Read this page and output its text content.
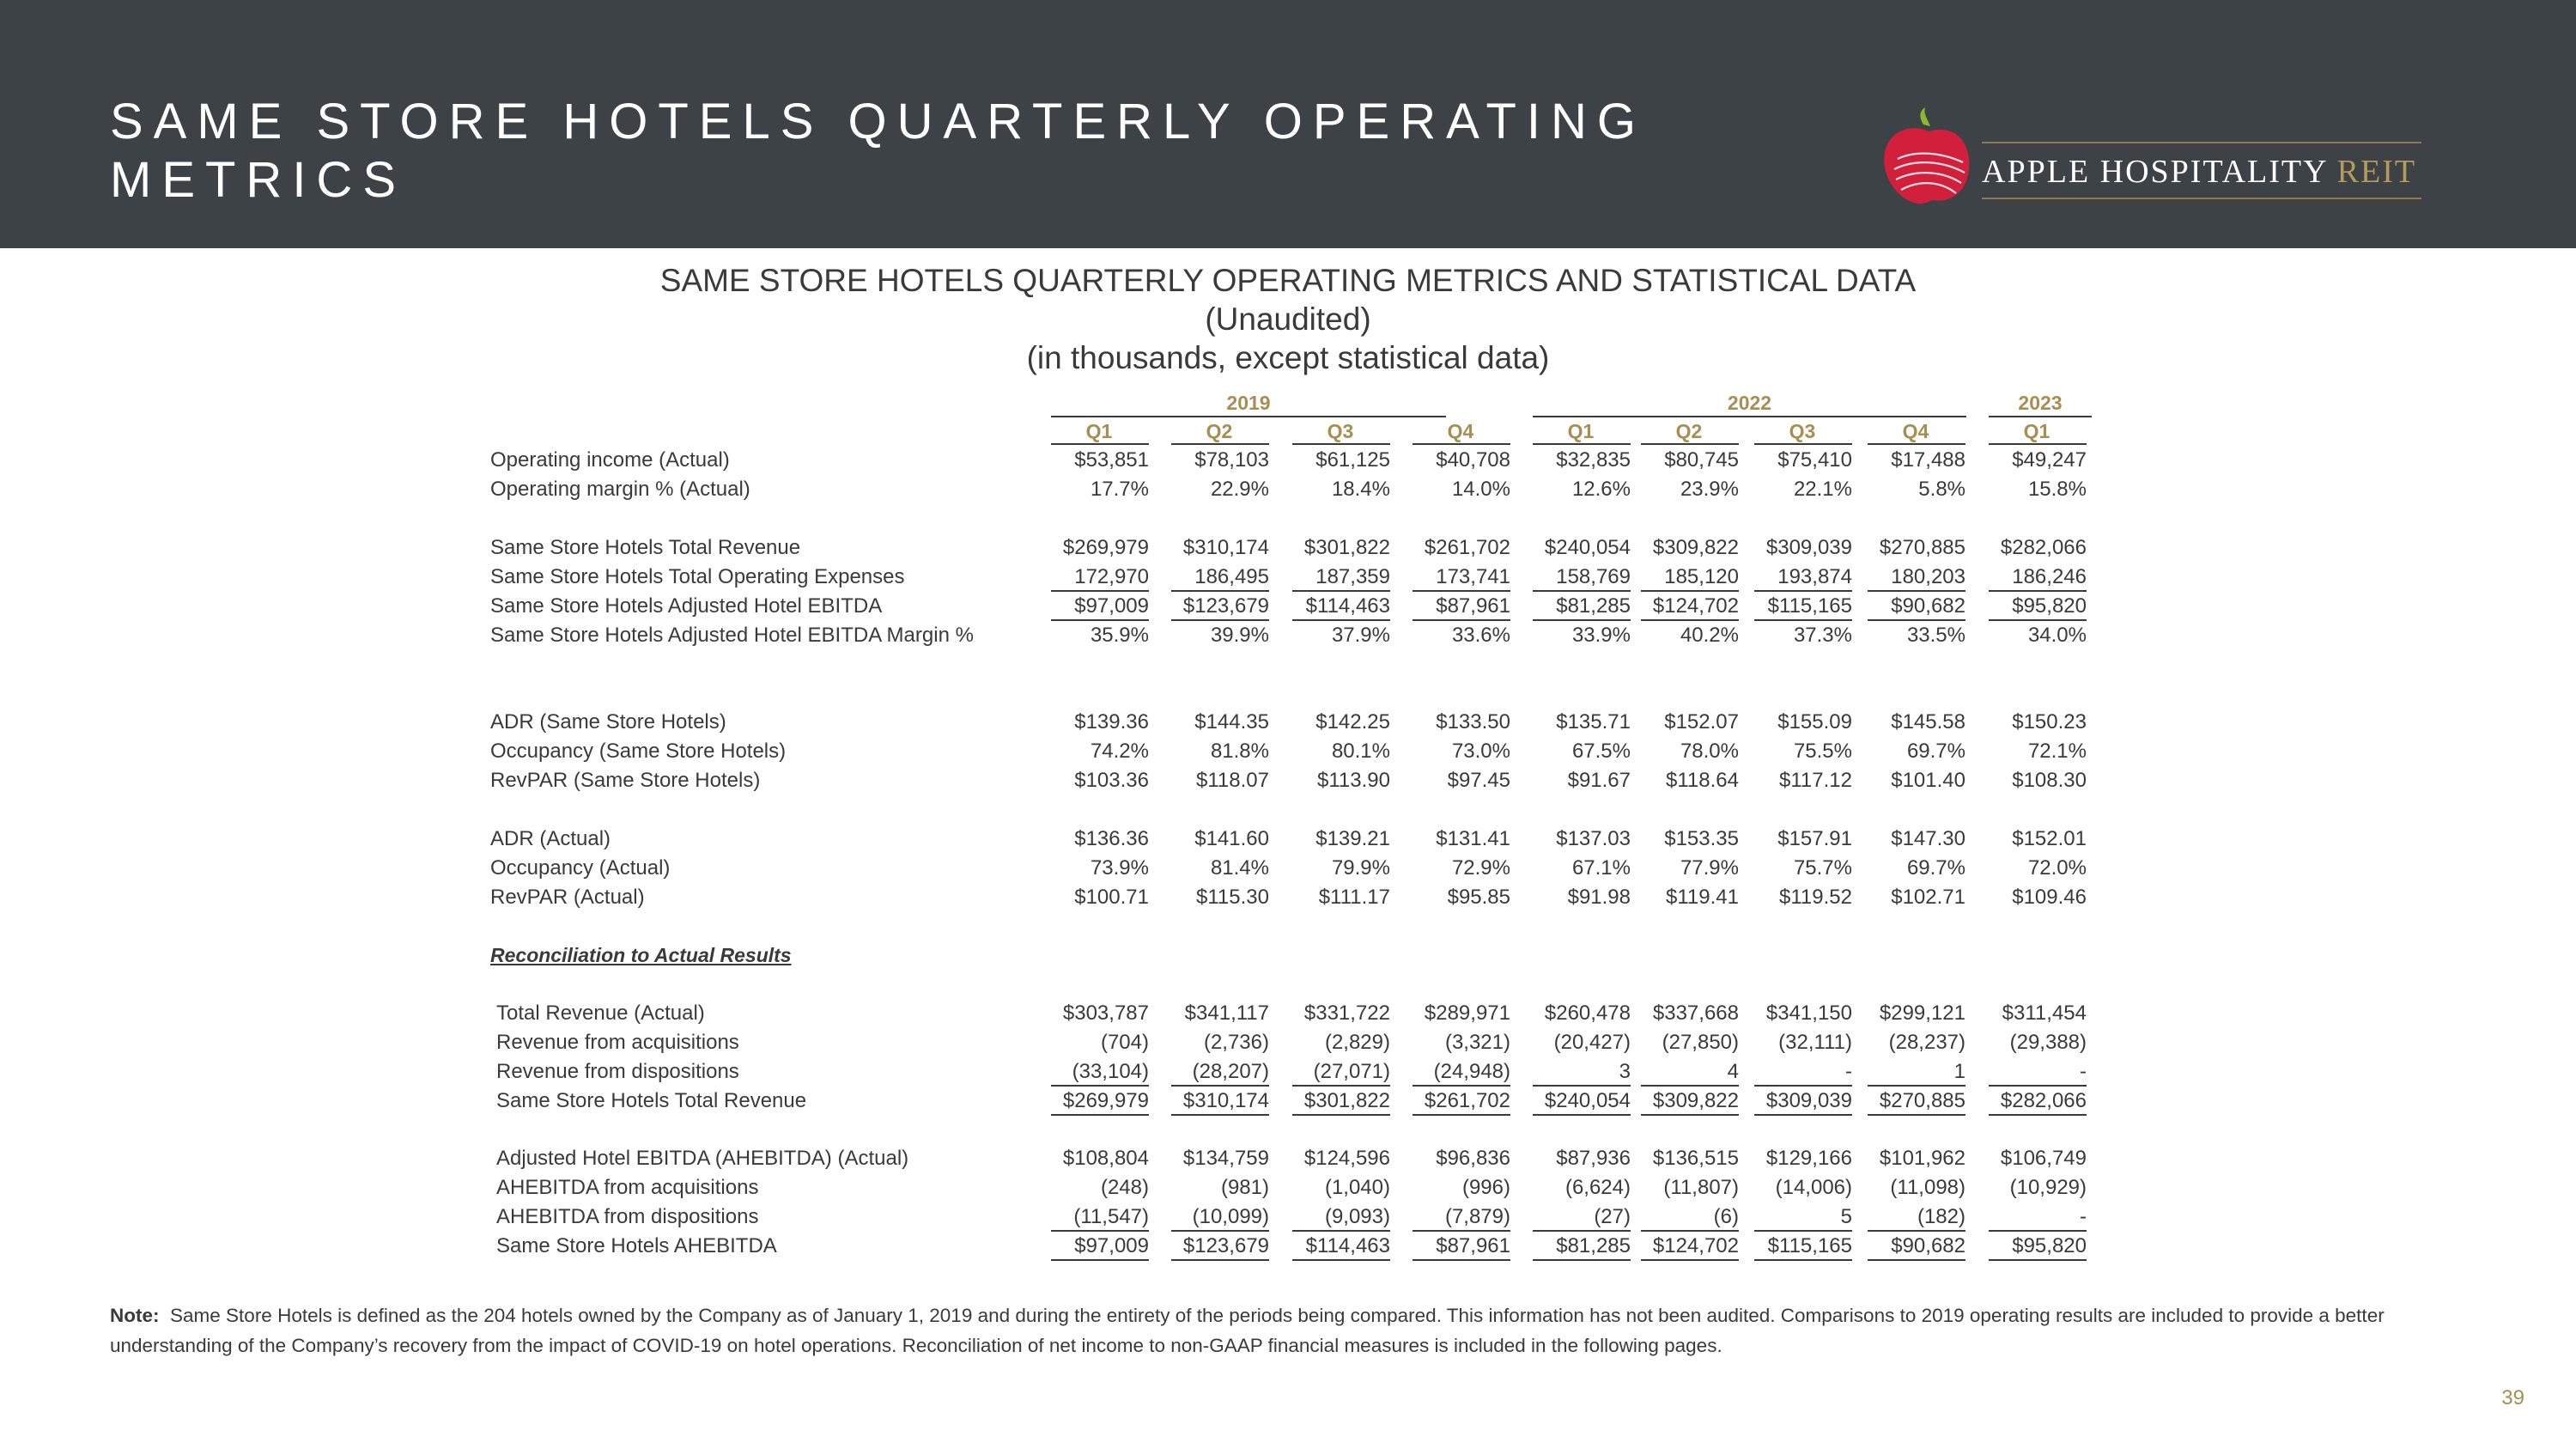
SAME STORE HOTELS QUARTERLY OPERATING METRICS	APPLE HOSPITALITY REIT
SAME STORE HOTELS QUARTERLY OPERATING METRICS AND STATISTICAL DATA
(Unaudited)
(in thousands, except statistical data)
2019	2022	2023
Q1	Q2	Q3	Q4	Q1	Q2	Q3	Q4	Q1
Operating income (Actual)	$53,851	$78,103	$61,125	$40,708	$32,835	$80,745	$75,410	$17,488	$49,247
Operating margin % (Actual)	17.7%	22.9%	18.4%	14.0%	12.6%	23.9%	22.1%	5.8%	15.8%
Same Store Hotels Total Revenue	$269,979	$310,174	$301,822	$261,702	$240,054	$309,822	$309,039	$270,885	$282,066
Same Store Hotels Total Operating Expenses	172,970	186,495	187,359	173,741	158,769	185,120	193,874	180,203	186,246
Same Store Hotels Adjusted Hotel EBITDA	$97,009	$123,679	$114,463	$87,961	$81,285	$124,702	$115,165	$90,682	$95,820
Same Store Hotels Adjusted Hotel EBITDA Margin %	35.9%	39.9%	37.9%	33.6%	33.9%	40.2%	37.3%	33.5%	34.0%
ADR (Same Store Hotels)	$139.36	$144.35	$142.25	$133.50	$135.71	$152.07	$155.09	$145.58	$150.23
Occupancy (Same Store Hotels)	74.2%	81.8%	80.1%	73.0%	67.5%	78.0%	75.5%	69.7%	72.1%
RevPAR (Same Store Hotels)	$103.36	$118.07	$113.90	$97.45	$91.67	$118.64	$117.12	$101.40	$108.30
ADR (Actual)	$136.36	$141.60	$139.21	$131.41	$137.03	$153.35	$157.91	$147.30	$152.01
Occupancy (Actual)	73.9%	81.4%	79.9%	72.9%	67.1%	77.9%	75.7%	69.7%	72.0%
RevPAR (Actual)	$100.71	$115.30	$111.17	$95.85	$91.98	$119.41	$119.52	$102.71	$109.46
Reconciliation to Actual Results
Total Revenue (Actual)	$303,787	$341,117	$331,722	$289,971	$260,478	$337,668	$341,150	$299,121	$311,454
Revenue from acquisitions	(704)	(2,736)	(2,829)	(3,321)	(20,427)	(27,850)	(32,111)	(28,237)	(29,388)
Revenue from dispositions	(33,104)	(28,207)	(27,071)	(24,948)	3	4	-	1	-
Same Store Hotels Total Revenue	$269,979	$310,174	$301,822	$261,702	$240,054	$309,822	$309,039	$270,885	$282,066
Adjusted Hotel EBITDA (AHEBITDA) (Actual)	$108,804	$134,759	$124,596	$96,836	$87,936	$136,515	$129,166	$101,962	$106,749
AHEBITDA from acquisitions	(248)	(981)	(1,040)	(996)	(6,624)	(11,807)	(14,006)	(11,098)	(10,929)
AHEBITDA from dispositions	(11,547)	(10,099)	(9,093)	(7,879)	(27)	(6)	5	(182)	-
Same Store Hotels AHEBITDA	$97,009	$123,679	$114,463	$87,961	$81,285	$124,702	$115,165	$90,682	$95,820
Note: Same Store Hotels is defined as the 204 hotels owned by the Company as of January 1, 2019 and during the entirety of the periods being compared. This information has not been audited. Comparisons to 2019 operating results are included to provide a better understanding of the Company’s recovery from the impact of COVID-19 on hotel operations. Reconciliation of net income to non-GAAP financial measures is included in the following pages.
39
